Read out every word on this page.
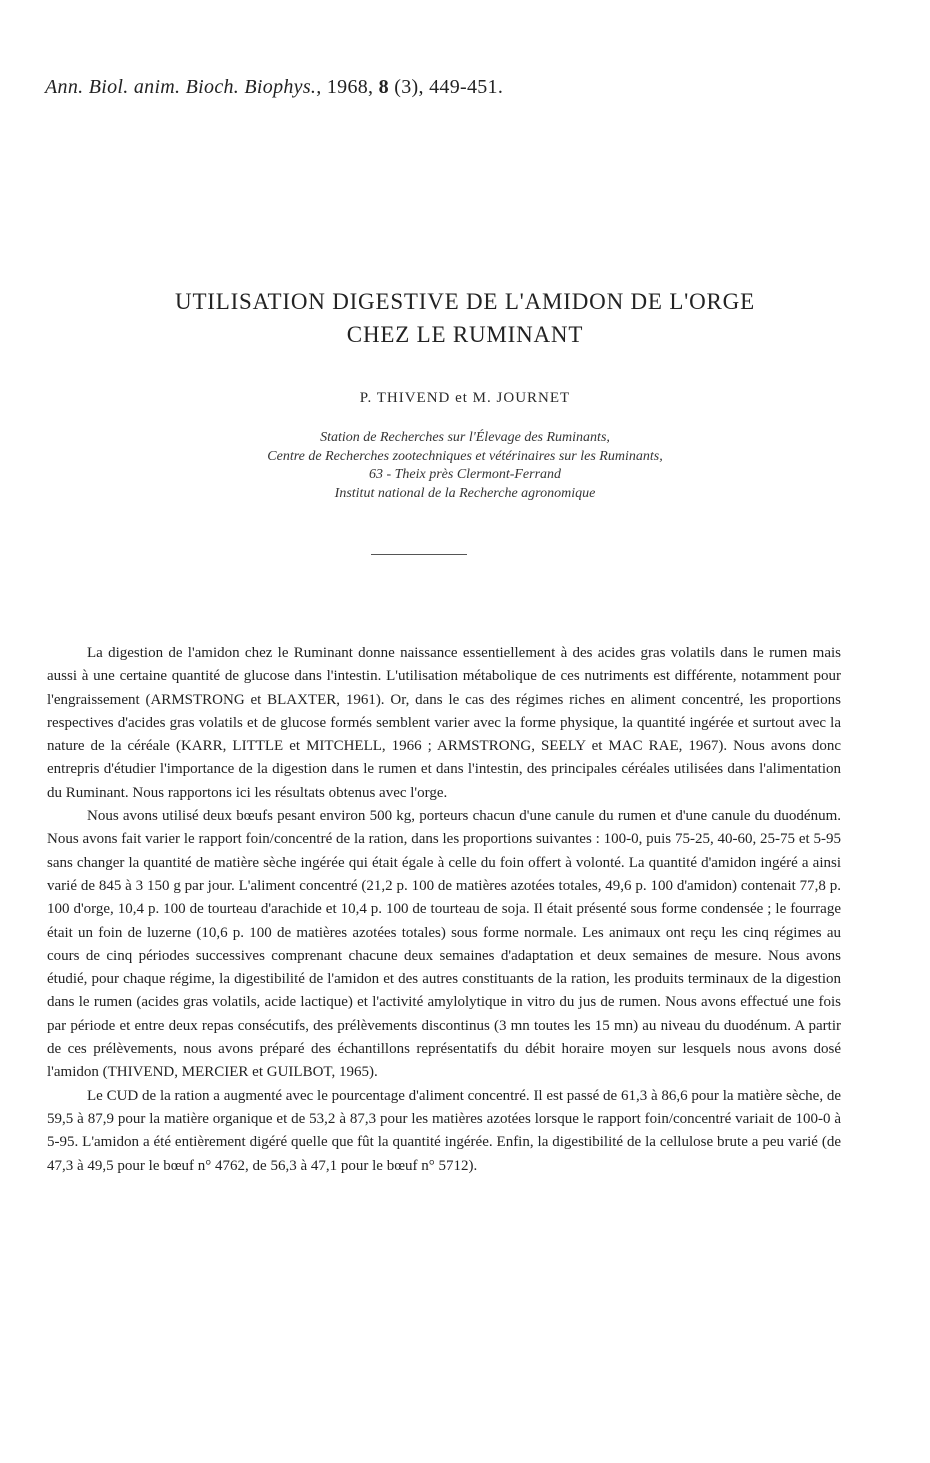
Ann. Biol. anim. Bioch. Biophys., 1968, 8 (3), 449-451.
UTILISATION DIGESTIVE DE L'AMIDON DE L'ORGE
CHEZ LE RUMINANT
P. THIVEND et M. JOURNET
Station de Recherches sur l'Élevage des Ruminants,
Centre de Recherches zootechniques et vétérinaires sur les Ruminants,
63 - Theix près Clermont-Ferrand
Institut national de la Recherche agronomique

La digestion de l'amidon chez le Ruminant donne naissance essentiellement à des acides gras volatils dans le rumen mais aussi à une certaine quantité de glucose dans l'intestin. L'utilisation métabolique de ces nutriments est différente, notamment pour l'engraissement (ARMSTRONG et BLAXTER, 1961). Or, dans le cas des régimes riches en aliment concentré, les proportions respectives d'acides gras volatils et de glucose formés semblent varier avec la forme physique, la quantité ingérée et surtout avec la nature de la céréale (KARR, LITTLE et MITCHELL, 1966 ; ARMSTRONG, SEELY et MAC RAE, 1967). Nous avons donc entrepris d'étudier l'importance de la digestion dans le rumen et dans l'intestin, des principales céréales utilisées dans l'alimentation du Ruminant. Nous rapportons ici les résultats obtenus avec l'orge.

Nous avons utilisé deux bœufs pesant environ 500 kg, porteurs chacun d'une canule du rumen et d'une canule du duodénum. Nous avons fait varier le rapport foin/concentré de la ration, dans les proportions suivantes : 100-0, puis 75-25, 40-60, 25-75 et 5-95 sans changer la quantité de matière sèche ingérée qui était égale à celle du foin offert à volonté. La quantité d'amidon ingéré a ainsi varié de 845 à 3 150 g par jour. L'aliment concentré (21,2 p. 100 de matières azotées totales, 49,6 p. 100 d'amidon) contenait 77,8 p. 100 d'orge, 10,4 p. 100 de tourteau d'arachide et 10,4 p. 100 de tourteau de soja. Il était présenté sous forme condensée ; le fourrage était un foin de luzerne (10,6 p. 100 de matières azotées totales) sous forme normale. Les animaux ont reçu les cinq régimes au cours de cinq périodes successives comprenant chacune deux semaines d'adaptation et deux semaines de mesure. Nous avons étudié, pour chaque régime, la digestibilité de l'amidon et des autres constituants de la ration, les produits terminaux de la digestion dans le rumen (acides gras volatils, acide lactique) et l'activité amylolytique in vitro du jus de rumen. Nous avons effectué une fois par période et entre deux repas consécutifs, des prélèvements discontinus (3 mn toutes les 15 mn) au niveau du duodénum. A partir de ces prélèvements, nous avons préparé des échantillons représentatifs du débit horaire moyen sur lesquels nous avons dosé l'amidon (THIVEND, MERCIER et GUILBOT, 1965).

Le CUD de la ration a augmenté avec le pourcentage d'aliment concentré. Il est passé de 61,3 à 86,6 pour la matière sèche, de 59,5 à 87,9 pour la matière organique et de 53,2 à 87,3 pour les matières azotées lorsque le rapport foin/concentré variait de 100-0 à 5-95. L'amidon a été entièrement digéré quelle que fût la quantité ingérée. Enfin, la digestibilité de la cellulose brute a peu varié (de 47,3 à 49,5 pour le bœuf n° 4762, de 56,3 à 47,1 pour le bœuf n° 5712).
